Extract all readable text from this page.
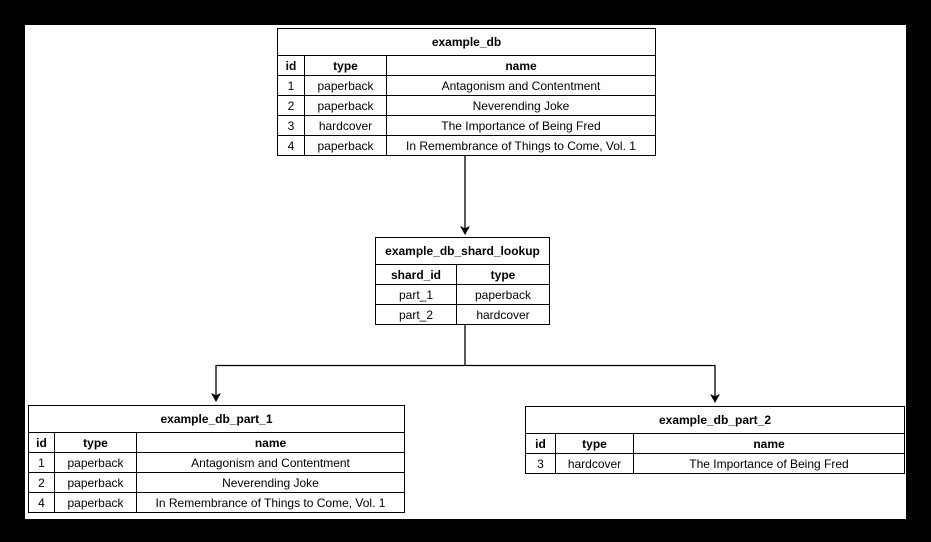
example_db
id	type	name
1	paperback	Antagonism and Contentment
2	paperback	Neverending Joke
3	hardcover	The Importance of Being Fred
4	paperback	In Remembrance of Things to Come, Vol. 1
example_db_shard_lookup
shard_id	type
part_1	paperback
part_2	hardcover
example_db_part_1
id	type	name
1	paperback	Antagonism and Contentment
2	paperback	Neverending Joke
4	paperback	In Remembrance of Things to Come, Vol. 1
example_db_part_2
id	type	name
3	hardcover	The Importance of Being Fred
